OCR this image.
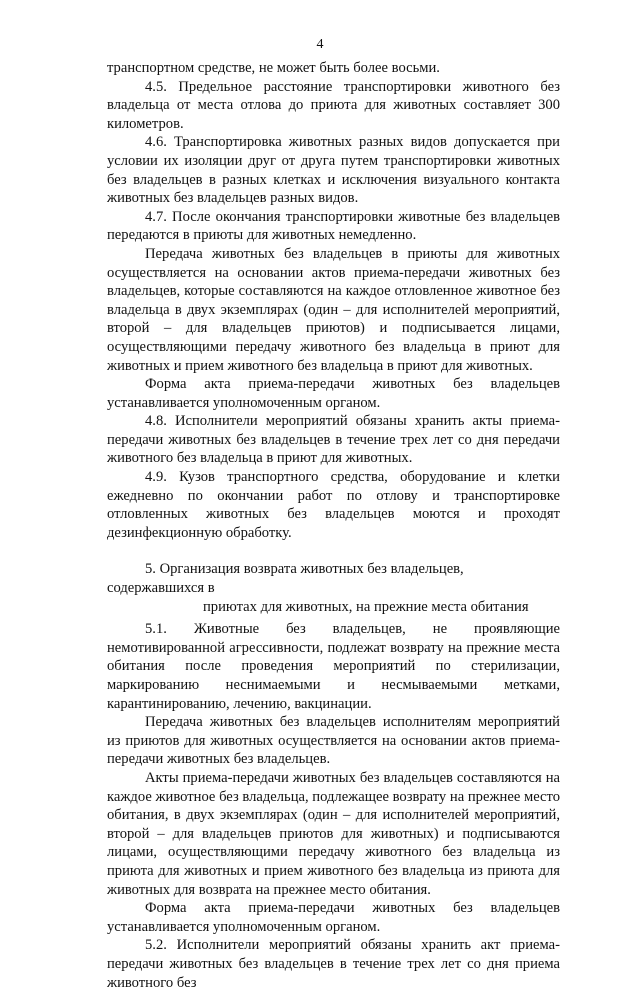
4

транспортном средстве, не может быть более восьми.

4.5. Предельное расстояние транспортировки животного без владельца от места отлова до приюта для животных составляет 300 километров.

4.6. Транспортировка животных разных видов допускается при условии их изоляции друг от друга путем транспортировки животных без владельцев в разных клетках и исключения визуального контакта животных без владельцев разных видов.

4.7. После окончания транспортировки животные без владельцев передаются в приюты для животных немедленно.

Передача животных без владельцев в приюты для животных осуществляется на основании актов приема-передачи животных без владельцев, которые составляются на каждое отловленное животное без владельца в двух экземплярах (один – для исполнителей мероприятий, второй – для владельцев приютов) и подписывается лицами, осуществляющими передачу животного без владельца в приют для животных и прием животного без владельца в приют для животных.

Форма акта приема-передачи животных без владельцев устанавливается уполномоченным органом.

4.8. Исполнители мероприятий обязаны хранить акты приема-передачи животных без владельцев в течение трех лет со дня передачи животного без владельца в приют для животных.

4.9. Кузов транспортного средства, оборудование и клетки ежедневно по окончании работ по отлову и транспортировке отловленных животных без владельцев моются и проходят дезинфекционную обработку.

5. Организация возврата животных без владельцев, содержавшихся в
приютах для животных, на прежние места обитания

5.1. Животные без владельцев, не проявляющие немотивированной агрессивности, подлежат возврату на прежние места обитания после проведения мероприятий по стерилизации, маркированию неснимаемыми и несмываемыми метками, карантинированию, лечению, вакцинации.

Передача животных без владельцев исполнителям мероприятий из приютов для животных осуществляется на основании актов приема-передачи животных без владельцев.

Акты приема-передачи животных без владельцев составляются на каждое животное без владельца, подлежащее возврату на прежнее место обитания, в двух экземплярах (один – для исполнителей мероприятий, второй – для владельцев приютов для животных) и подписываются лицами, осуществляющими передачу животного без владельца из приюта для животных и прием животного без владельца из приюта для животных для возврата на прежнее место обитания.

Форма акта приема-передачи животных без владельцев устанавливается уполномоченным органом.

5.2. Исполнители мероприятий обязаны хранить акт приема-передачи животных без владельцев в течение трех лет со дня приема животного без
